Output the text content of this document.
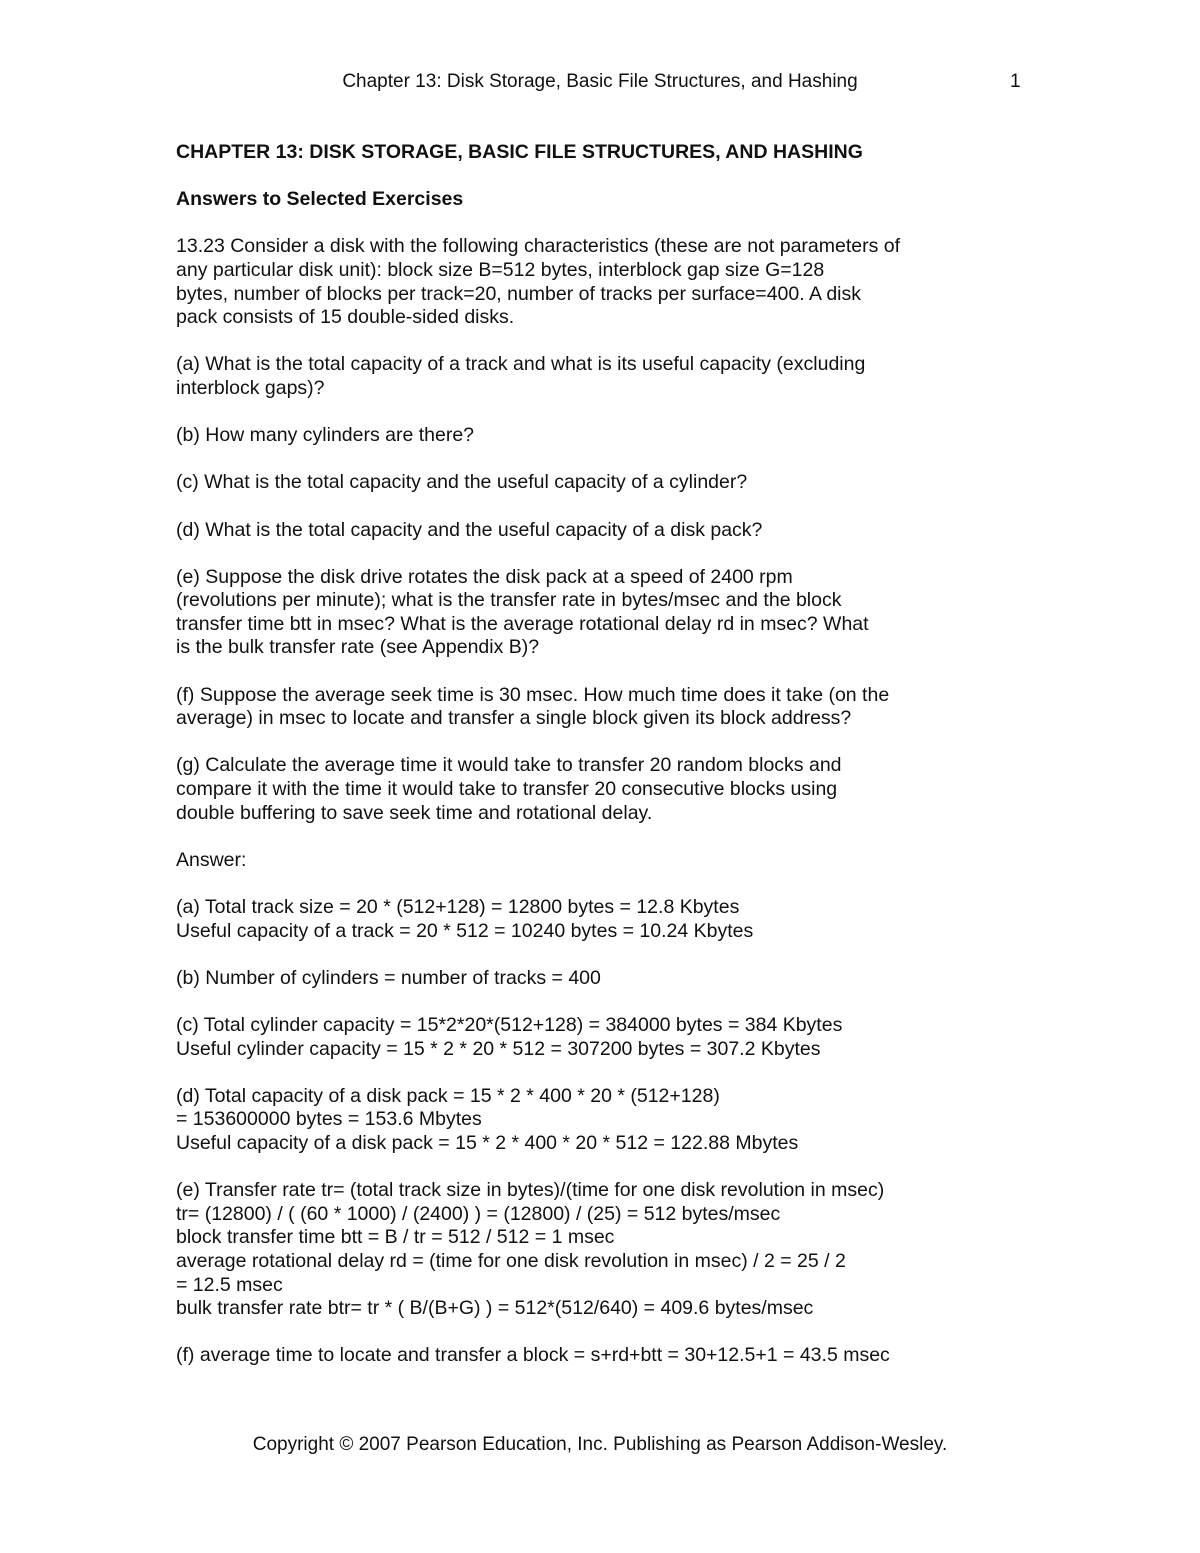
Chapter 13: Disk Storage, Basic File Structures, and Hashing	1
CHAPTER 13: DISK STORAGE, BASIC FILE STRUCTURES, AND HASHING
Answers to Selected Exercises
13.23 Consider a disk with the following characteristics (these are not parameters of
any particular disk unit): block size B=512 bytes, interblock gap size G=128
bytes, number of blocks per track=20, number of tracks per surface=400. A disk
pack consists of 15 double-sided disks.
(a) What is the total capacity of a track and what is its useful capacity (excluding
interblock gaps)?
(b) How many cylinders are there?
(c) What is the total capacity and the useful capacity of a cylinder?
(d) What is the total capacity and the useful capacity of a disk pack?
(e) Suppose the disk drive rotates the disk pack at a speed of 2400 rpm
(revolutions per minute); what is the transfer rate in bytes/msec and the block
transfer time btt in msec? What is the average rotational delay rd in msec? What
is the bulk transfer rate (see Appendix B)?
(f) Suppose the average seek time is 30 msec. How much time does it take (on the
average) in msec to locate and transfer a single block given its block address?
(g) Calculate the average time it would take to transfer 20 random blocks and
compare it with the time it would take to transfer 20 consecutive blocks using
double buffering to save seek time and rotational delay.
Answer:
(a) Total track size = 20 * (512+128) = 12800 bytes = 12.8 Kbytes
Useful capacity of a track = 20 * 512 = 10240 bytes = 10.24 Kbytes
(b) Number of cylinders = number of tracks = 400
(c) Total cylinder capacity = 15*2*20*(512+128) = 384000 bytes = 384 Kbytes
Useful cylinder capacity = 15 * 2 * 20 * 512 = 307200 bytes = 307.2 Kbytes
(d) Total capacity of a disk pack = 15 * 2 * 400 * 20 * (512+128)
= 153600000 bytes = 153.6 Mbytes
Useful capacity of a disk pack = 15 * 2 * 400 * 20 * 512 = 122.88 Mbytes
(e) Transfer rate tr= (total track size in bytes)/(time for one disk revolution in msec)
tr= (12800) / ( (60 * 1000) / (2400) ) = (12800) / (25) = 512 bytes/msec
block transfer time btt = B / tr = 512 / 512 = 1 msec
average rotational delay rd = (time for one disk revolution in msec) / 2 = 25 / 2
= 12.5 msec
bulk transfer rate btr= tr * ( B/(B+G) ) = 512*(512/640) = 409.6 bytes/msec
(f) average time to locate and transfer a block = s+rd+btt = 30+12.5+1 = 43.5 msec
Copyright © 2007 Pearson Education, Inc. Publishing as Pearson Addison-Wesley.
